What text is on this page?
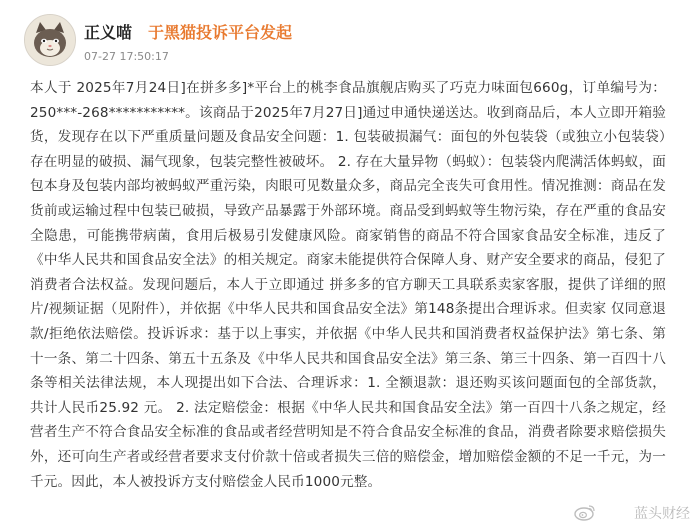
正义喵 于黑猫投诉平台发起
07-27 17:50:17

本人于 2025年7月24日]在拼多多]*平台上的桃李食品旗舰店购买了巧克力味面包660g，订单编号为：250***-268***********。该商品于2025年7月27日]通过申通快递送达。收到商品后，本人立即开箱验货，发现存在以下严重质量问题及食品安全问题：1. 包装破损漏气：面包的外包装袋（或独立小包装袋）存在明显的破损、漏气现象，包装完整性被破坏。 2. 存在大量异物（蚂蚁）：包装袋内爬满活体蚂蚁，面包本身及包装内部均被蚂蚁严重污染，肉眼可见数量众多，商品完全丧失可食用性。情况推测：商品在发货前或运输过程中包装已破损，导致产品暴露于外部环境。商品受到蚂蚁等生物污染，存在严重的食品安全隐患，可能携带病菌，食用后极易引发健康风险。商家销售的商品不符合国家食品安全标准，违反了《中华人民共和国食品安全法》的相关规定。商家未能提供符合保障人身、财产安全要求的商品，侵犯了消费者合法权益。发现问题后，本人于立即通过 拼多多的官方聊天工具联系卖家客服，提供了详细的照片/视频证据（见附件），并依据《中华人民共和国食品安全法》第148条提出合理诉求。但卖家 仅同意退款/拒绝依法赔偿。投诉诉求：基于以上事实，并依据《中华人民共和国消费者权益保护法》第七条、第十一条、第二十四条、第五十五条及《中华人民共和国食品安全法》第三条、第三十四条、第一百四十八条等相关法律法规，本人现提出如下合法、合理诉求：1. 全额退款：退还购买该问题面包的全部货款，共计人民币25.92 元。 2. 法定赔偿金：根据《中华人民共和国食品安全法》第一百四十八条之规定，经营者生产不符合食品安全标准的食品或者经营明知是不符合食品安全标准的食品，消费者除要求赔偿损失外，还可向生产者或经营者要求支付价款十倍或者损失三倍的赔偿金，增加赔偿金额的不足一千元，为一千元。因此，本人被投诉方支付赔偿金人民币1000元整。

蓝头财经
